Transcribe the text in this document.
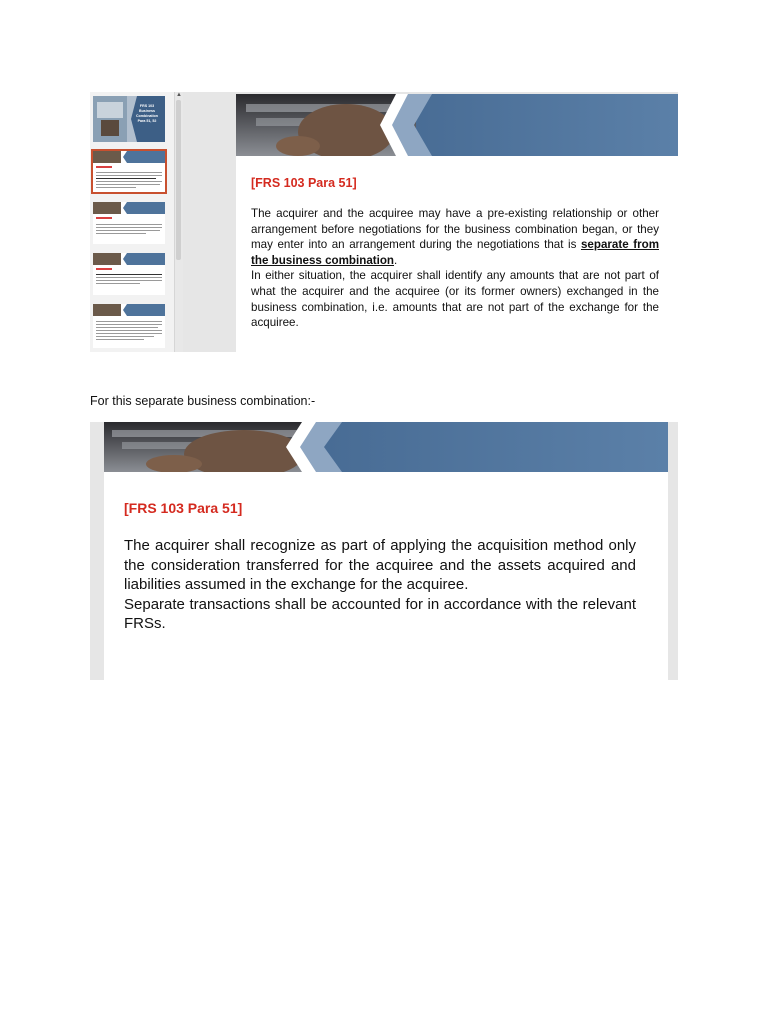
FRS 103
Business Combination
Para 51, 52
▲
[FRS 103 Para 51]
The acquirer and the acquiree may have a pre-existing relationship or other arrangement before negotiations for the business combination began, or they may enter into an arrangement during the negotiations that is separate from the business combination.
In either situation, the acquirer shall identify any amounts that are not part of what the acquirer and the acquiree (or its former owners) exchanged in the business combination, i.e. amounts that are not part of the exchange for the acquiree.
For this separate business combination:-
[FRS 103 Para 51]
The acquirer shall recognize as part of applying the acquisition method only the consideration transferred for the acquiree and the assets acquired and liabilities assumed in the exchange for the acquiree.
Separate transactions shall be accounted for in accordance with the relevant FRSs.
